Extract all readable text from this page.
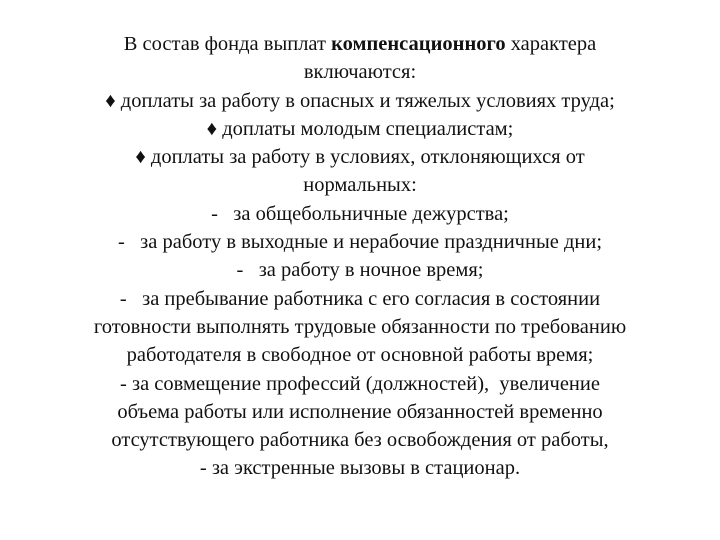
В состав фонда выплат компенсационного характера
включаются:
♦ доплаты за работу в опасных и тяжелых условиях труда;
♦ доплаты молодым специалистам;
♦ доплаты за работу в условиях, отклоняющихся от
нормальных:
-   за общебольничные дежурства;
-   за работу в выходные и нерабочие праздничные дни;
-   за работу в ночное время;
-   за пребывание работника с его согласия в состоянии
готовности выполнять трудовые обязанности по требованию
работодателя в свободное от основной работы время;
- за совмещение профессий (должностей),  увеличение
объема работы или исполнение обязанностей временно
отсутствующего работника без освобождения от работы,
- за экстренные вызовы в стационар.
